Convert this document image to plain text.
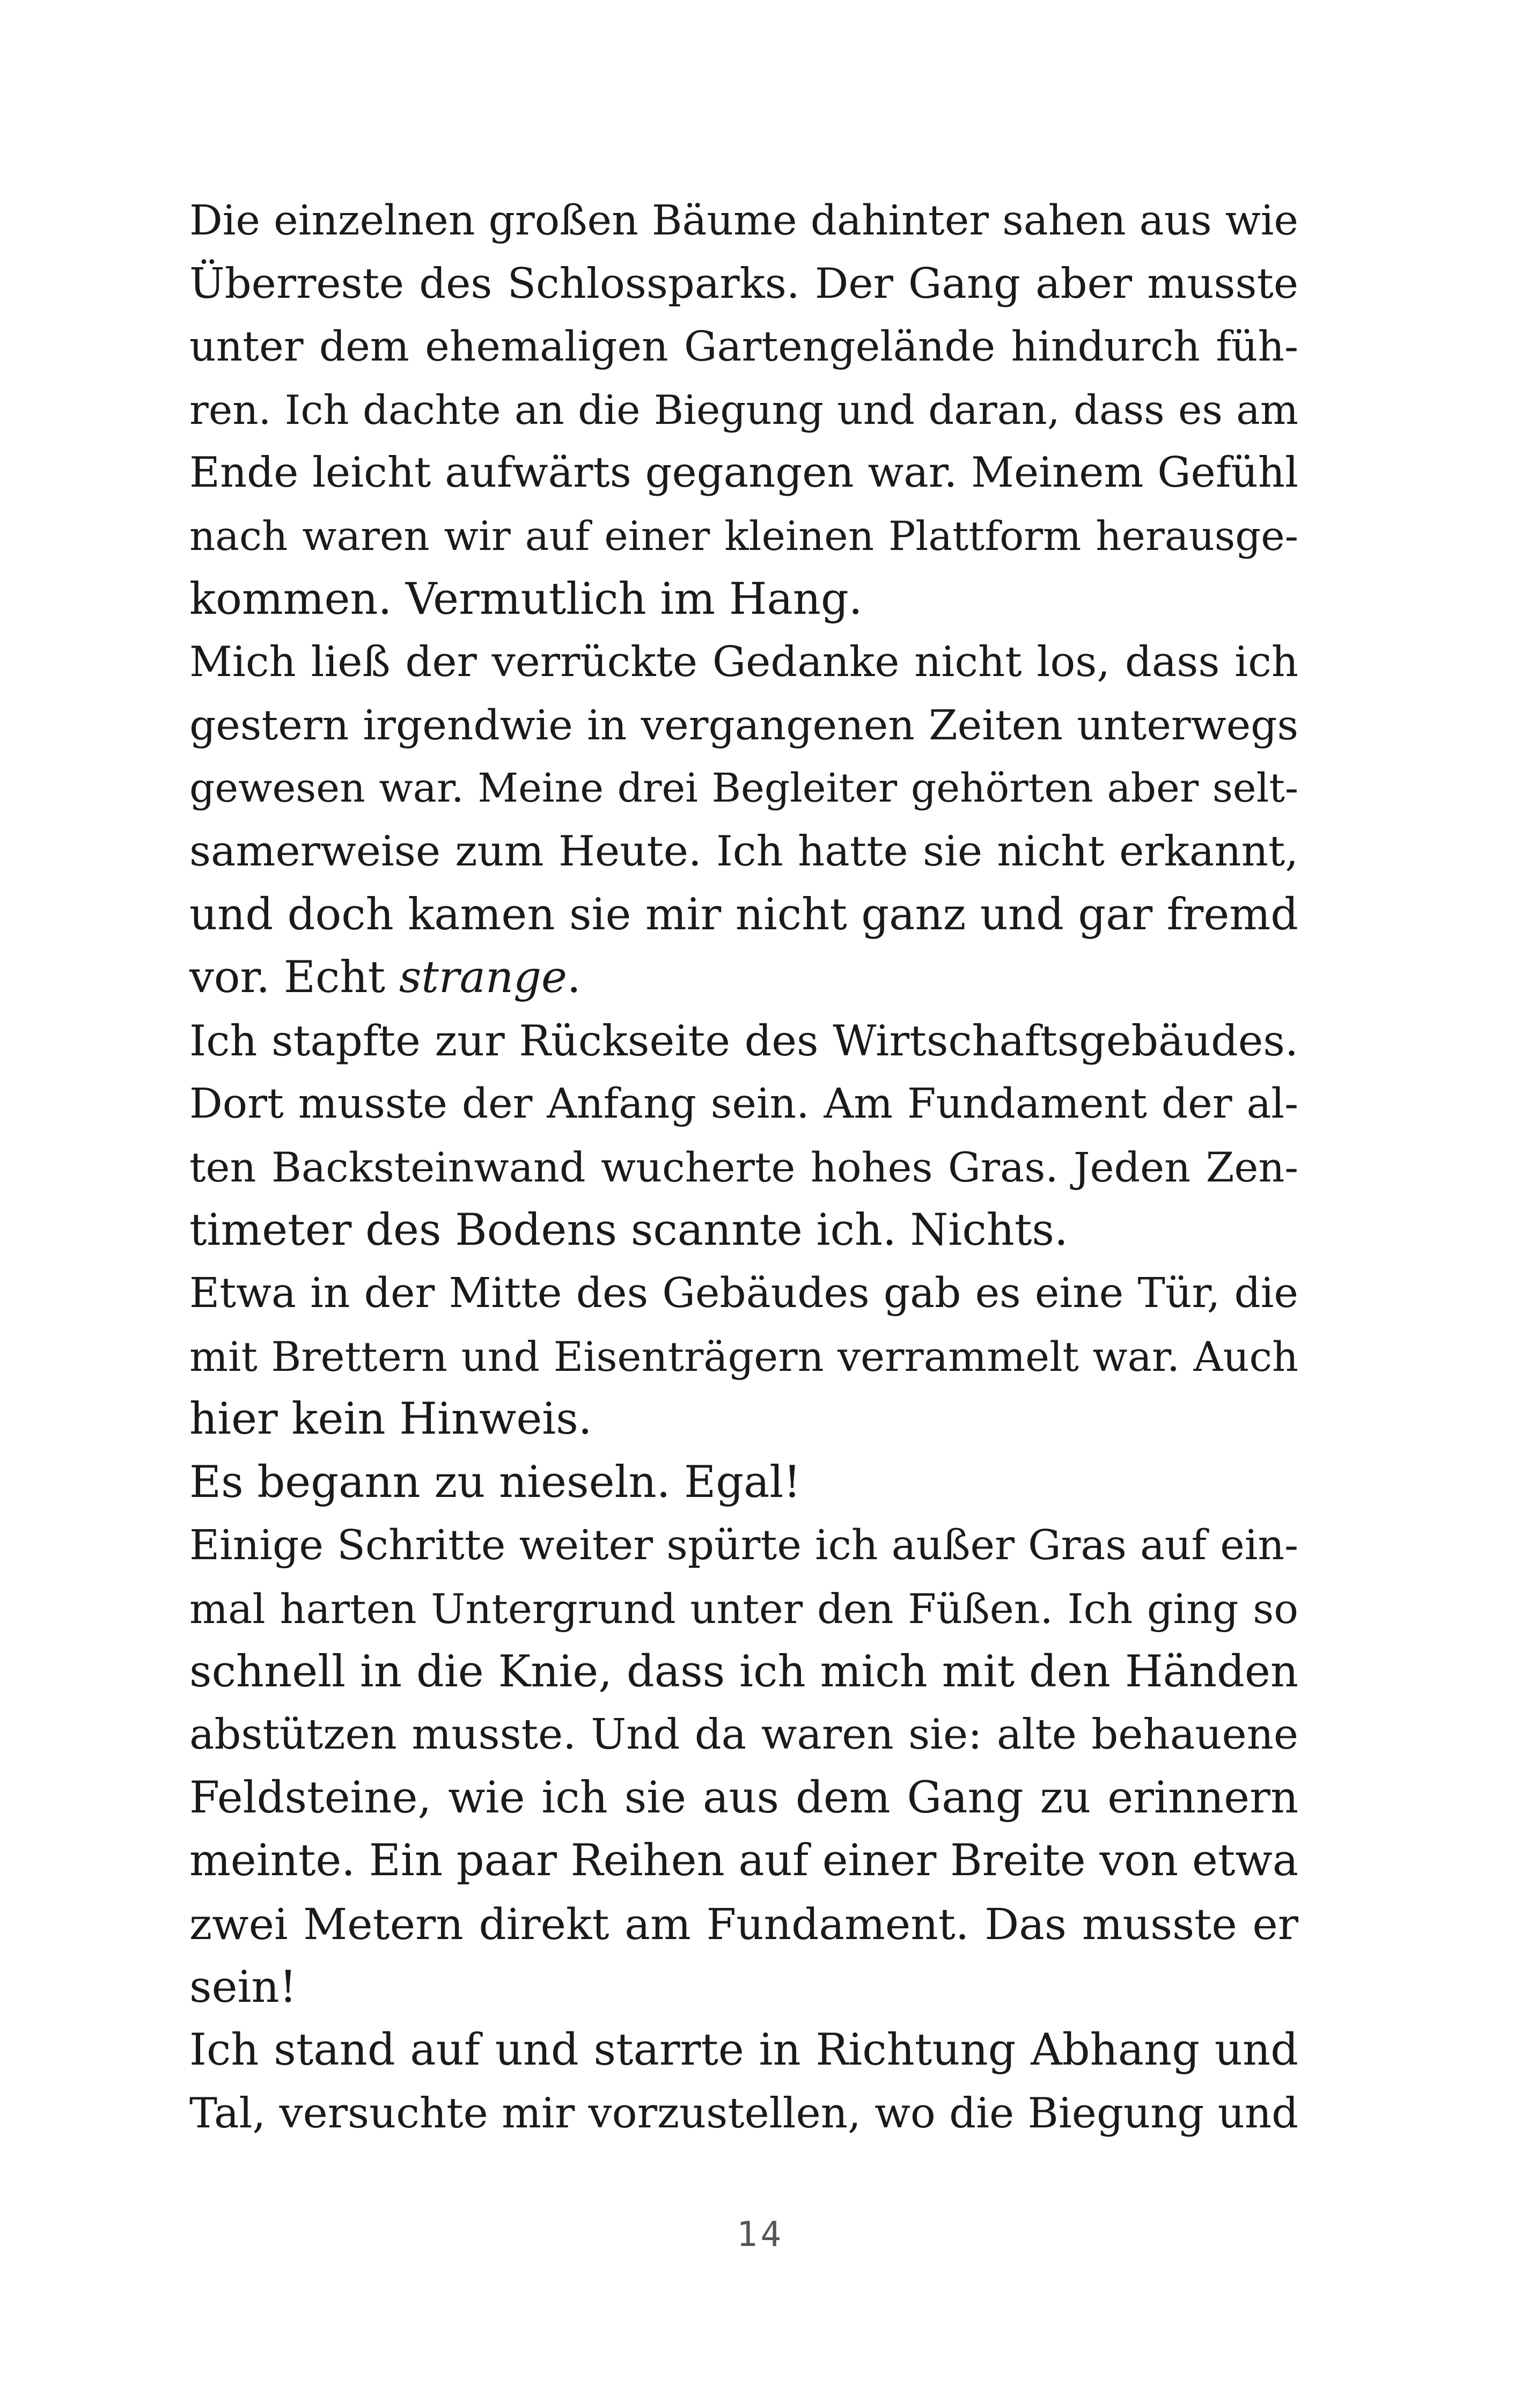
Die einzelnen großen Bäume dahinter sahen aus wie
Überreste des Schlossparks. Der Gang aber musste
unter dem ehemaligen Gartengelände hindurch füh-
ren. Ich dachte an die Biegung und daran, dass es am
Ende leicht aufwärts gegangen war. Meinem Gefühl
nach waren wir auf einer kleinen Plattform herausge-
kommen. Vermutlich im Hang.
Mich ließ der verrückte Gedanke nicht los, dass ich
gestern irgendwie in vergangenen Zeiten unterwegs
gewesen war. Meine drei Begleiter gehörten aber selt-
samerweise zum Heute. Ich hatte sie nicht erkannt,
und doch kamen sie mir nicht ganz und gar fremd
vor. Echt strange.
Ich stapfte zur Rückseite des Wirtschaftsgebäudes.
Dort musste der Anfang sein. Am Fundament der al-
ten Backsteinwand wucherte hohes Gras. Jeden Zen-
timeter des Bodens scannte ich. Nichts.
Etwa in der Mitte des Gebäudes gab es eine Tür, die
mit Brettern und Eisenträgern verrammelt war. Auch
hier kein Hinweis.
Es begann zu nieseln. Egal!
Einige Schritte weiter spürte ich außer Gras auf ein-
mal harten Untergrund unter den Füßen. Ich ging so
schnell in die Knie, dass ich mich mit den Händen
abstützen musste. Und da waren sie: alte behauene
Feldsteine, wie ich sie aus dem Gang zu erinnern
meinte. Ein paar Reihen auf einer Breite von etwa
zwei Metern direkt am Fundament. Das musste er
sein!
Ich stand auf und starrte in Richtung Abhang und
Tal, versuchte mir vorzustellen, wo die Biegung und
14
